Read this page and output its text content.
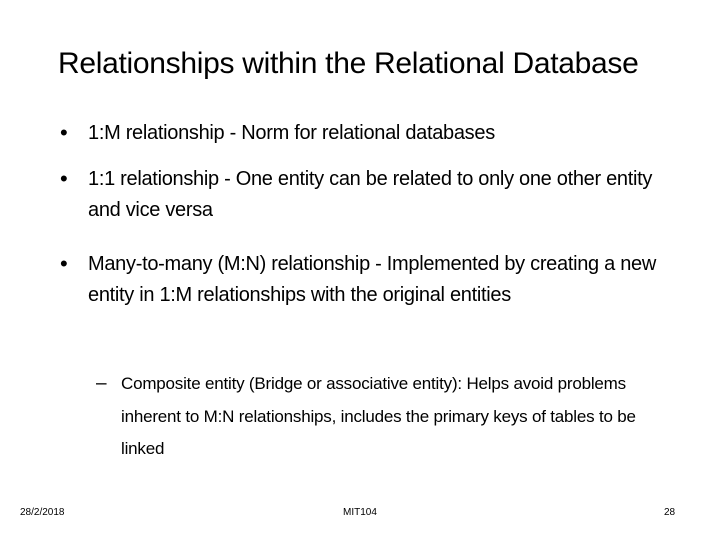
Relationships within the Relational Database
• 1:M relationship - Norm for relational databases
• 1:1 relationship - One entity can be related to only one other entity and vice versa
• Many-to-many (M:N) relationship - Implemented by creating a new entity in 1:M relationships with the original entities
– Composite entity (Bridge or associative entity): Helps avoid problems inherent to M:N relationships, includes the primary keys of tables to be linked
28/2/2018	MIT104	28
